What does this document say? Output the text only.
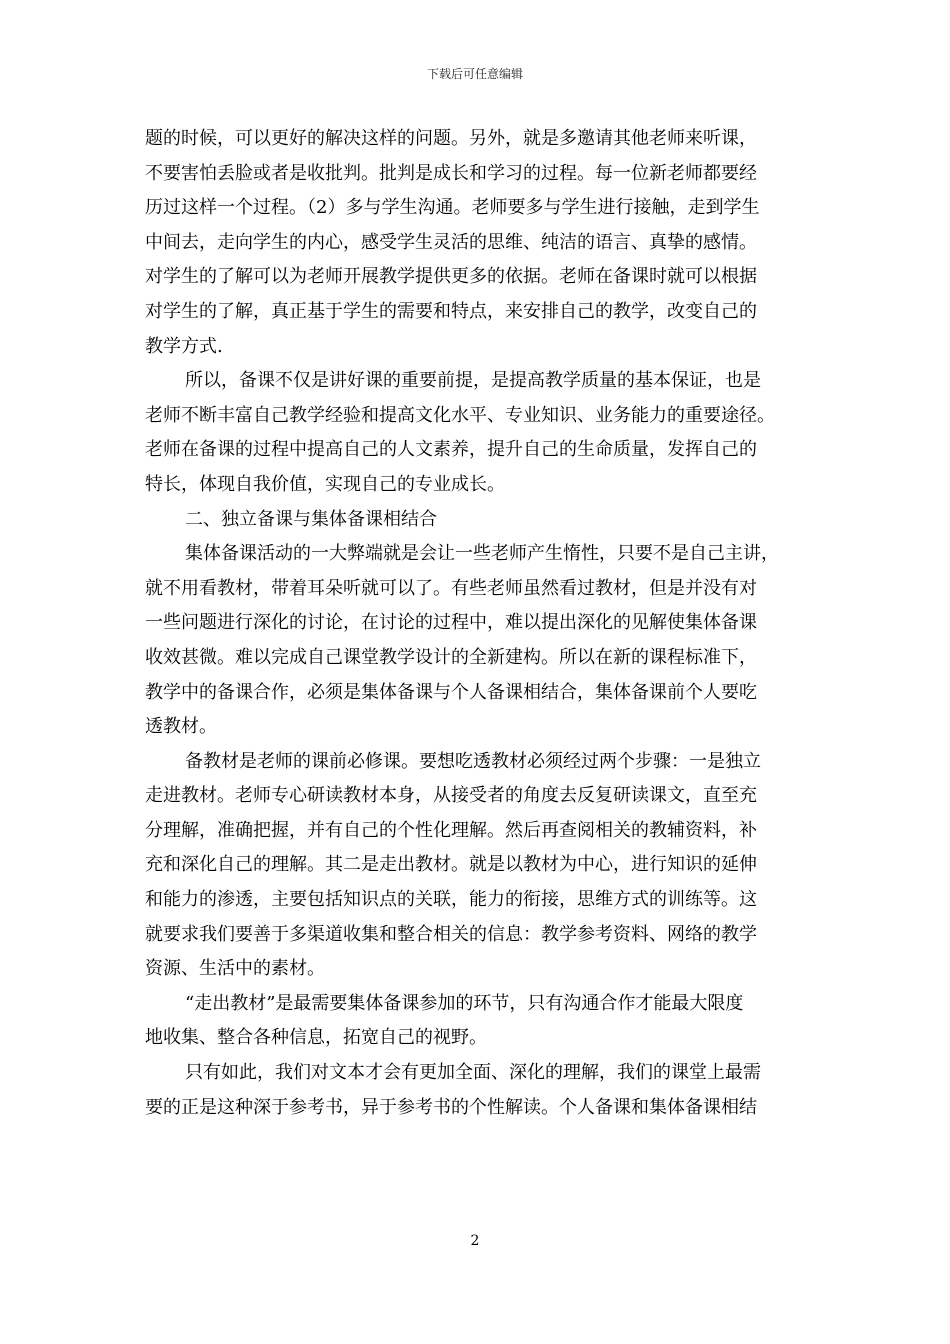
下载后可任意编辑
题的时候，可以更好的解决这样的问题。另外，就是多邀请其他老师来听课，
不要害怕丢脸或者是收批判。批判是成长和学习的过程。每一位新老师都要经
历过这样一个过程。（2）多与学生沟通。老师要多与学生进行接触，走到学生
中间去，走向学生的内心，感受学生灵活的思维、纯洁的语言、真挚的感情。
对学生的了解可以为老师开展教学提供更多的依据。老师在备课时就可以根据
对学生的了解，真正基于学生的需要和特点，来安排自己的教学，改变自己的
教学方式.
所以，备课不仅是讲好课的重要前提，是提高教学质量的基本保证，也是
老师不断丰富自己教学经验和提高文化水平、专业知识、业务能力的重要途径。
老师在备课的过程中提高自己的人文素养，提升自己的生命质量，发挥自己的
特长，体现自我价值，实现自己的专业成长。
二、独立备课与集体备课相结合
集体备课活动的一大弊端就是会让一些老师产生惰性，只要不是自己主讲，
就不用看教材，带着耳朵听就可以了。有些老师虽然看过教材，但是并没有对
一些问题进行深化的讨论，在讨论的过程中，难以提出深化的见解使集体备课
收效甚微。难以完成自己课堂教学设计的全新建构。所以在新的课程标准下，
教学中的备课合作，必须是集体备课与个人备课相结合，集体备课前个人要吃
透教材。
备教材是老师的课前必修课。要想吃透教材必须经过两个步骤：一是独立
走进教材。老师专心研读教材本身，从接受者的角度去反复研读课文，直至充
分理解，准确把握，并有自己的个性化理解。然后再查阅相关的教辅资料，补
充和深化自己的理解。其二是走出教材。就是以教材为中心，进行知识的延伸
和能力的渗透，主要包括知识点的关联，能力的衔接，思维方式的训练等。这
就要求我们要善于多渠道收集和整合相关的信息：教学参考资料、网络的教学
资源、生活中的素材。
“走出教材”是最需要集体备课参加的环节，只有沟通合作才能最大限度
地收集、整合各种信息，拓宽自己的视野。
只有如此，我们对文本才会有更加全面、深化的理解，我们的课堂上最需
要的正是这种深于参考书，异于参考书的个性解读。个人备课和集体备课相结
2
